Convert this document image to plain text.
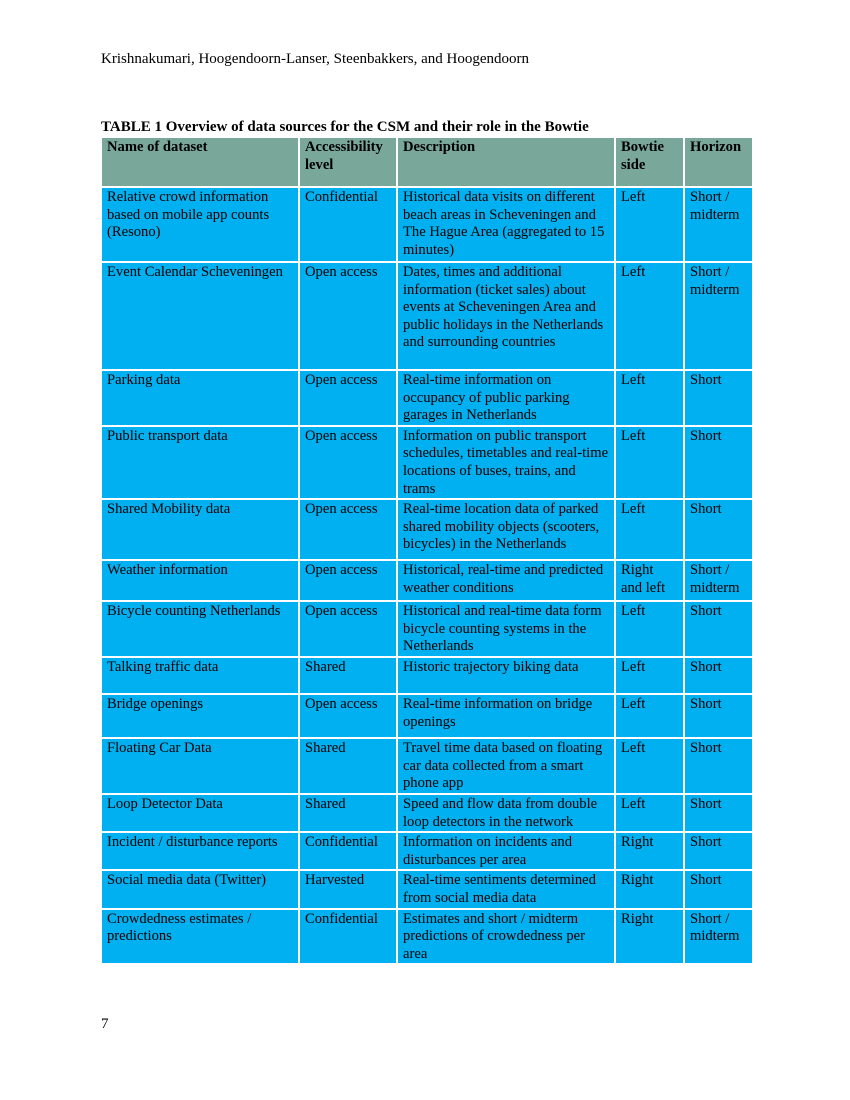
Krishnakumari, Hoogendoorn-Lanser, Steenbakkers, and Hoogendoorn
TABLE 1 Overview of data sources for the CSM and their role in the Bowtie
Name of dataset	Accessibility level	Description	Bowtie side	Horizon
Relative crowd information based on mobile app counts (Resono)	Confidential	Historical data visits on different beach areas in Scheveningen and The Hague Area (aggregated to 15 minutes)	Left	Short / midterm
Event Calendar Scheveningen	Open access	Dates, times and additional information (ticket sales) about events at Scheveningen Area and public holidays in the Netherlands and surrounding countries	Left	Short / midterm
Parking data	Open access	Real-time information on occupancy of public parking garages in Netherlands	Left	Short
Public transport data	Open access	Information on public transport schedules, timetables and real-time locations of buses, trains, and trams	Left	Short
Shared Mobility data	Open access	Real-time location data of parked shared mobility objects (scooters, bicycles) in the Netherlands	Left	Short
Weather information	Open access	Historical, real-time and predicted weather conditions	Right and left	Short / midterm
Bicycle counting Netherlands	Open access	Historical and real-time data form bicycle counting systems in the Netherlands	Left	Short
Talking traffic data	Shared	Historic trajectory biking data	Left	Short
Bridge openings	Open access	Real-time information on bridge openings	Left	Short
Floating Car Data	Shared	Travel time data based on floating car data collected from a smart phone app	Left	Short
Loop Detector Data	Shared	Speed and flow data from double loop detectors in the network	Left	Short
Incident / disturbance reports	Confidential	Information on incidents and disturbances per area	Right	Short
Social media data (Twitter)	Harvested	Real-time sentiments determined from social media data	Right	Short
Crowdedness estimates / predictions	Confidential	Estimates and short / midterm predictions of crowdedness per area	Right	Short / midterm
7
